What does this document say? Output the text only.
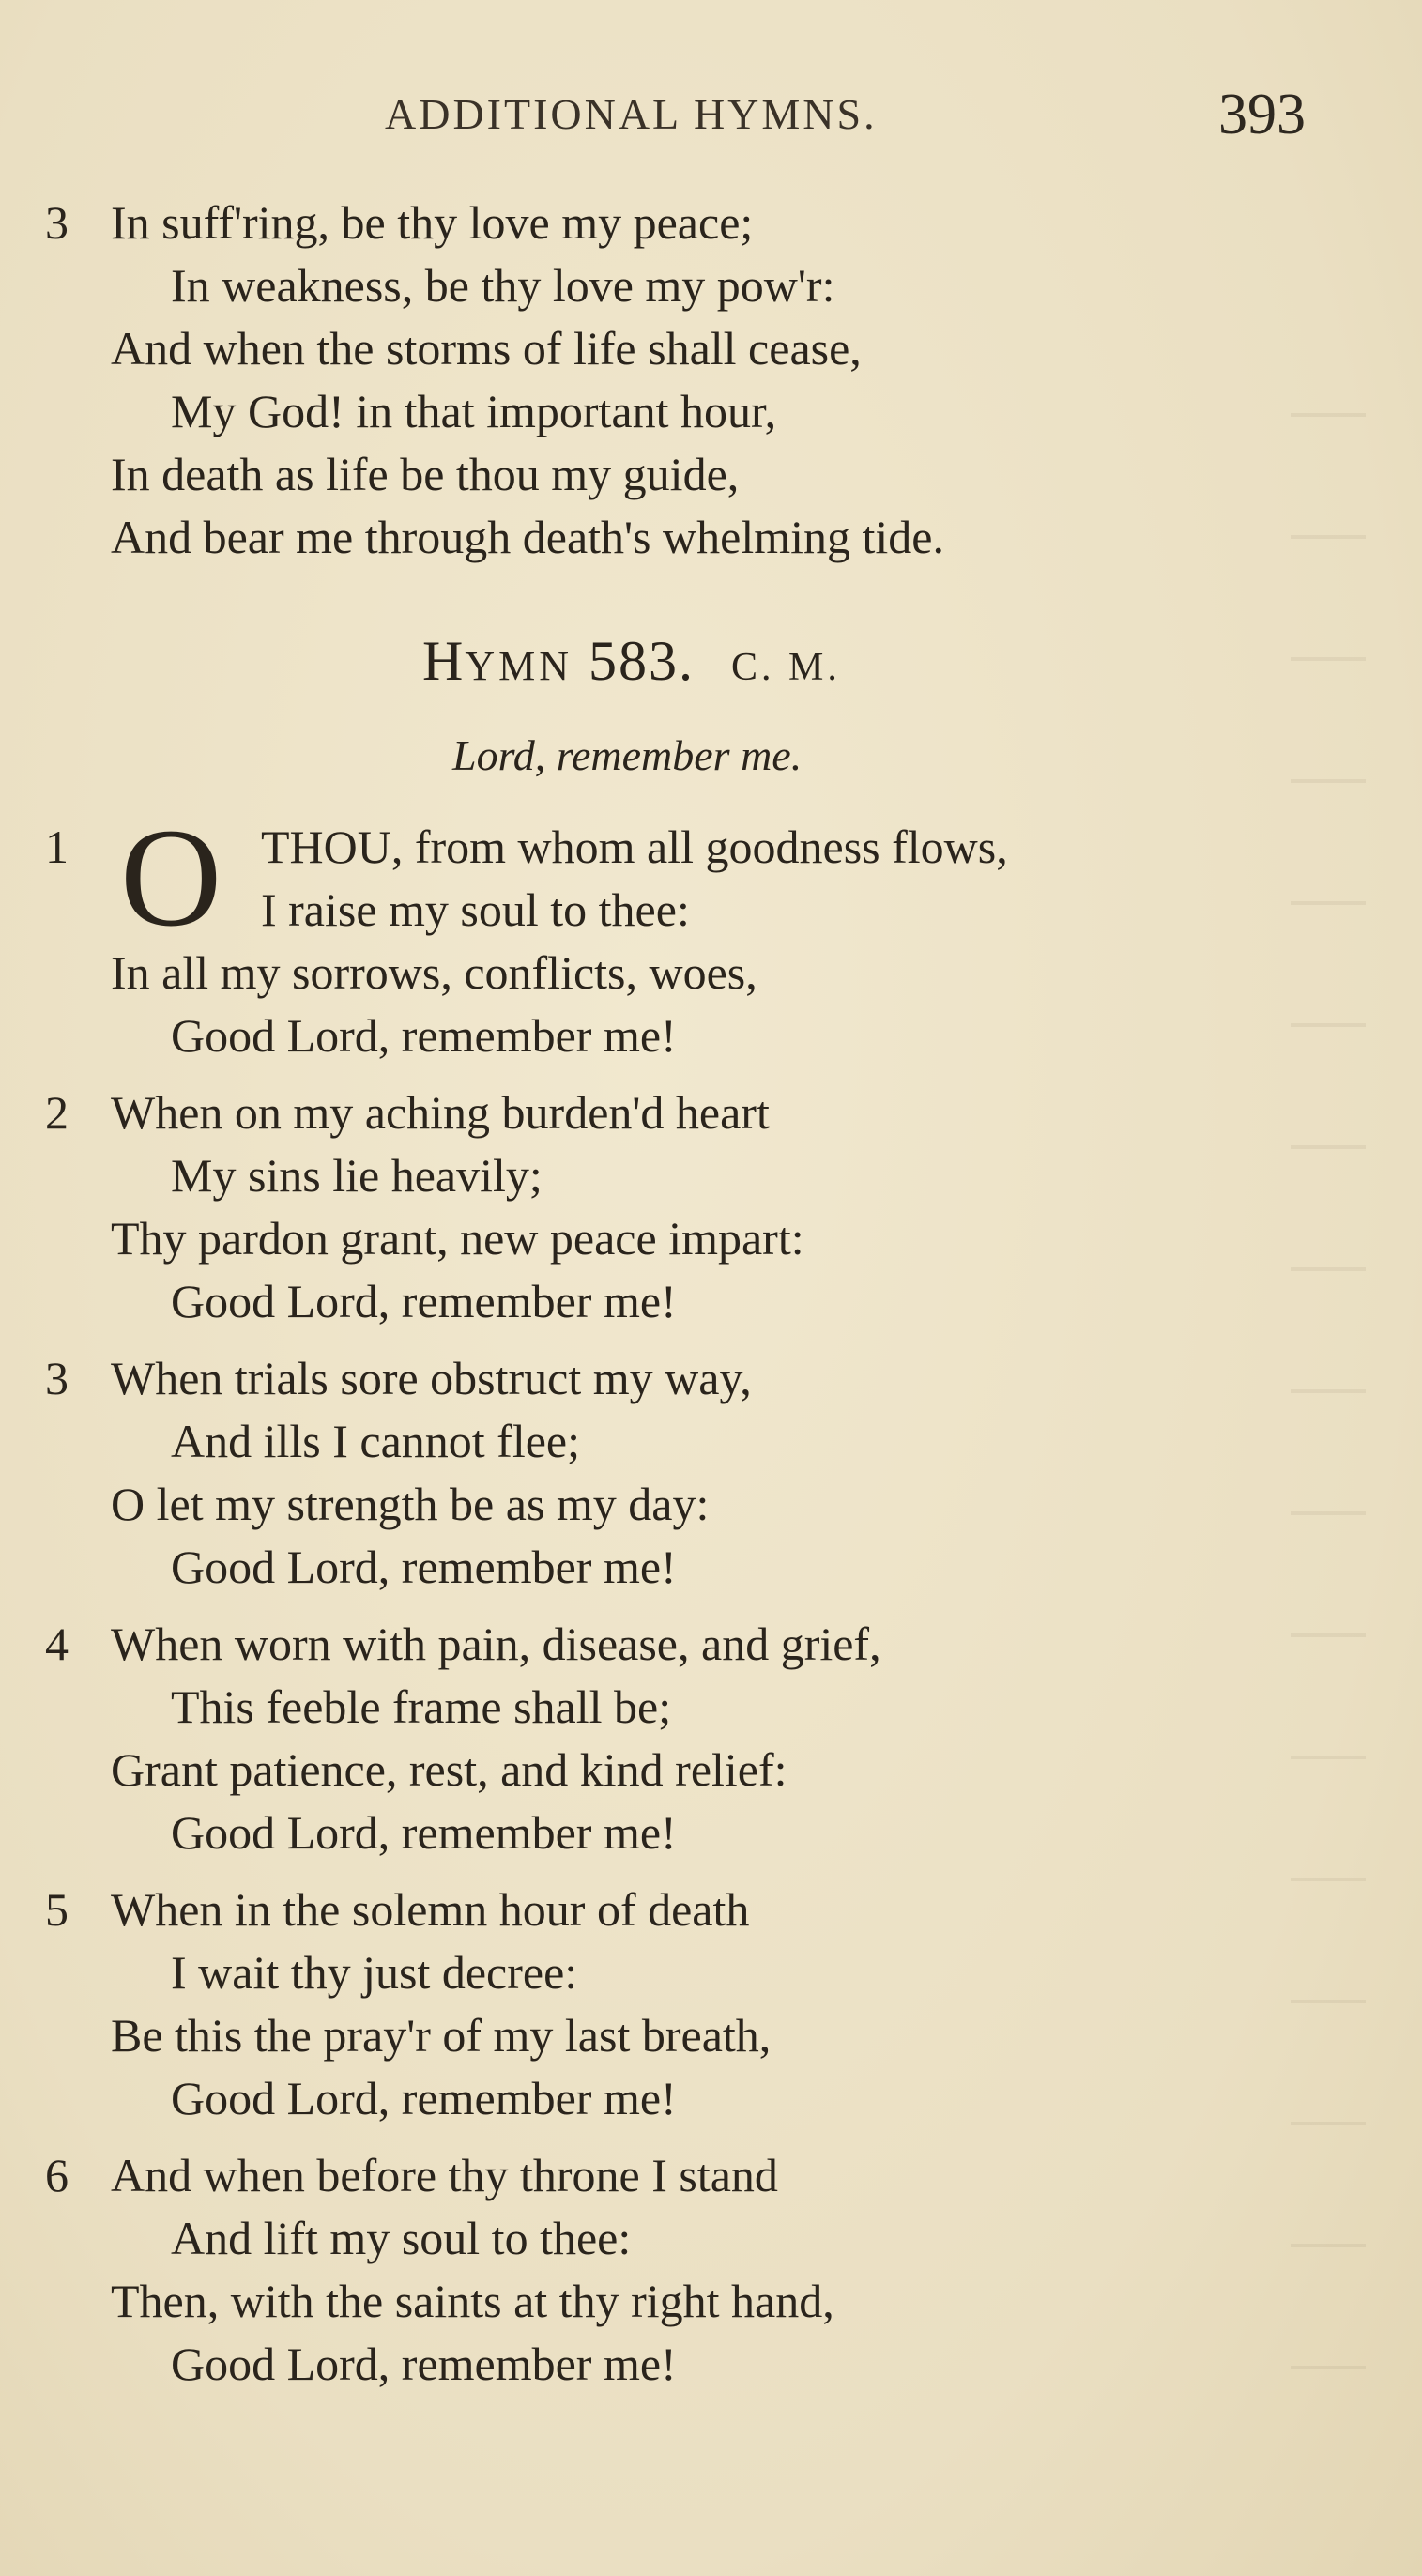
ADDITIONAL HYMNS.	393
3 In suff'ring, be thy love my peace;
In weakness, be thy love my pow'r:
And when the storms of life shall cease,
My God! in that important hour,
In death as life be thou my guide,
And bear me through death's whelming tide.
HYMN 583. C. M.
Lord, remember me.
1 O THOU, from whom all goodness flows,
I raise my soul to thee:
In all my sorrows, conflicts, woes,
Good Lord, remember me!
2 When on my aching burden'd heart
My sins lie heavily;
Thy pardon grant, new peace impart:
Good Lord, remember me!
3 When trials sore obstruct my way,
And ills I cannot flee;
O let my strength be as my day:
Good Lord, remember me!
4 When worn with pain, disease, and grief,
This feeble frame shall be;
Grant patience, rest, and kind relief:
Good Lord, remember me!
5 When in the solemn hour of death
I wait thy just decree:
Be this the pray'r of my last breath,
Good Lord, remember me!
6 And when before thy throne I stand
And lift my soul to thee:
Then, with the saints at thy right hand,
Good Lord, remember me!
